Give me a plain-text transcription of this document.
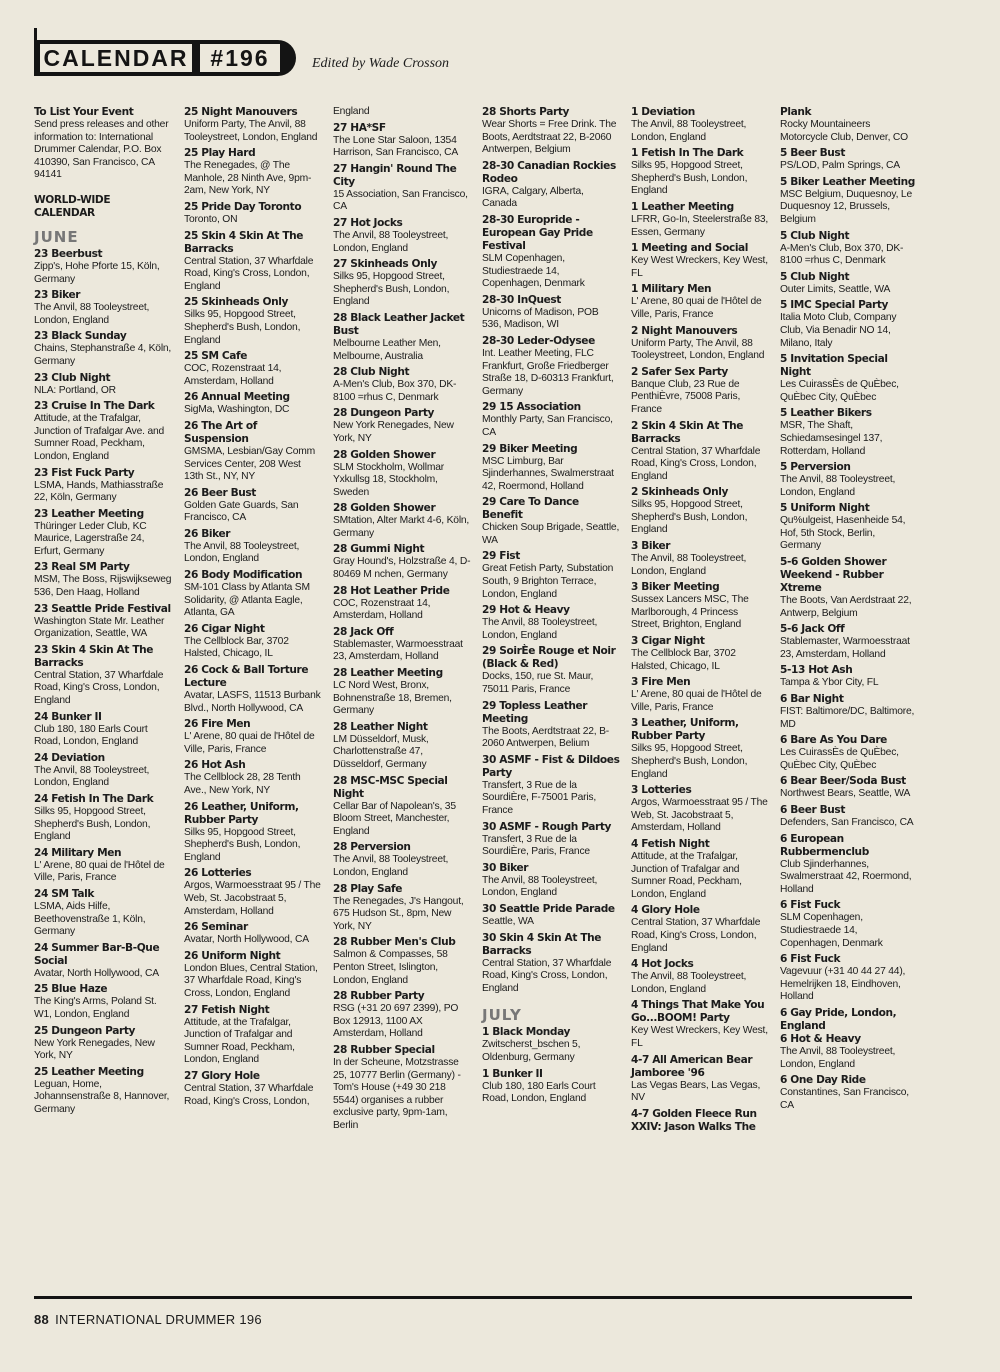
CALENDAR #196	Edited by Wade Crosson
To List Your Event
Send press releases and other information to: International Drummer Calendar, P.O. Box 410390, San Francisco, CA 94141
WORLD-WIDE CALENDAR
JUNE
23 Beerbust
Zipp's, Hohe Pforte 15, Köln, Germany
23 Biker
The Anvil, 88 Tooleystreet, London, England
23 Black Sunday
Chains, Stephanstraße 4, Köln, Germany
23 Club Night
NLA: Portland, OR
23 Cruise In The Dark
Attitude, at the Trafalgar, Junction of Trafalgar Ave. and Sumner Road, Peckham, London, England
23 Fist Fuck Party
LSMA, Hands, Mathiasstraße 22, Köln, Germany
23 Leather Meeting
Thüringer Leder Club, KC Maurice, Lagerstraße 24, Erfurt, Germany
23 Real SM Party
MSM, The Boss, Rijswijkseweg 536, Den Haag, Holland
23 Seattle Pride Festival
Washington State Mr. Leather Organization, Seattle, WA
23 Skin 4 Skin At The Barracks
Central Station, 37 Wharfdale Road, King's Cross, London, England
24 Bunker II
Club 180, 180 Earls Court Road, London, England
24 Deviation
The Anvil, 88 Tooleystreet, London, England
24 Fetish In The Dark
Silks 95, Hopgood Street, Shepherd's Bush, London, England
24 Military Men
L' Arene, 80 quai de l'Hôtel de Ville, Paris, France
24 SM Talk
LSMA, Aids Hilfe, Beethovenstraße 1, Köln, Germany
24 Summer Bar-B-Que Social
Avatar, North Hollywood, CA
25 Blue Haze
The King's Arms, Poland St. W1, London, England
25 Dungeon Party
New York Renegades, New York, NY
25 Leather Meeting
Leguan, Home, Johannsenstraße 8, Hannover, Germany
25 Night Manouvers
Uniform Party, The Anvil, 88 Tooleystreet, London, England
25 Play Hard
The Renegades, @ The Manhole, 28 Ninth Ave, 9pm-2am, New York, NY
25 Pride Day Toronto
Toronto, ON
25 Skin 4 Skin At The Barracks
Central Station, 37 Wharfdale Road, King's Cross, London, England
25 Skinheads Only
Silks 95, Hopgood Street, Shepherd's Bush, London, England
25 SM Cafe
COC, Rozenstraat 14, Amsterdam, Holland
26 Annual Meeting
SigMa, Washington, DC
26 The Art of Suspension
GMSMA, Lesbian/Gay Comm Services Center, 208 West 13th St., NY, NY
26 Beer Bust
Golden Gate Guards, San Francisco, CA
26 Biker
The Anvil, 88 Tooleystreet, London, England
26 Body Modification
SM-101 Class by Atlanta SM Solidarity, @ Atlanta Eagle, Atlanta, GA
26 Cigar Night
The Cellblock Bar, 3702 Halsted, Chicago, IL
26 Cock & Ball Torture Lecture
Avatar, LASFS, 11513 Burbank Blvd., North Hollywood, CA
26 Fire Men
L' Arene, 80 quai de l'Hôtel de Ville, Paris, France
26 Hot Ash
The Cellblock 28, 28 Tenth Ave., New York, NY
26 Leather, Uniform, Rubber Party
Silks 95, Hopgood Street, Shepherd's Bush, London, England
26 Lotteries
Argos, Warmoesstraat 95 / The Web, St. Jacobstraat 5, Amsterdam, Holland
26 Seminar
Avatar, North Hollywood, CA
26 Uniform Night
London Blues, Central Station, 37 Wharfdale Road, King's Cross, London, England
27 Fetish Night
Attitude, at the Trafalgar, Junction of Trafalgar and Sumner Road, Peckham, London, England
27 Glory Hole
Central Station, 37 Wharfdale Road, King's Cross, London,
England
27 HA*SF
The Lone Star Saloon, 1354 Harrison, San Francisco, CA
27 Hangin' Round The City
15 Association, San Francisco, CA
27 Hot Jocks
The Anvil, 88 Tooleystreet, London, England
27 Skinheads Only
Silks 95, Hopgood Street, Shepherd's Bush, London, England
28 Black Leather Jacket Bust
Melbourne Leather Men, Melbourne, Australia
28 Club Night
A-Men's Club, Box 370, DK-8100 =rhus C, Denmark
28 Dungeon Party
New York Renegades, New York, NY
28 Golden Shower
SLM Stockholm, Wollmar Yxkullsg 18, Stockholm, Sweden
28 Golden Shower
SMtation, Alter Markt 4-6, Köln, Germany
28 Gummi Night
Gray Hound's, Holzstraße 4, D-80469 M nchen, Germany
28 Hot Leather Pride
COC, Rozenstraat 14, Amsterdam, Holland
28 Jack Off
Stablemaster, Warmoesstraat 23, Amsterdam, Holland
28 Leather Meeting
LC Nord West, Bronx, Bohnenstraße 18, Bremen, Germany
28 Leather Night
LM Düsseldorf, Musk, Charlottenstraße 47, Düsseldorf, Germany
28 MSC-MSC Special Night
Cellar Bar of Napolean's, 35 Bloom Street, Manchester, England
28 Perversion
The Anvil, 88 Tooleystreet, London, England
28 Play Safe
The Renegades, J's Hangout, 675 Hudson St., 8pm, New York, NY
28 Rubber Men's Club
Salmon & Compasses, 58 Penton Street, Islington, London, England
28 Rubber Party
RSG (+31 20 697 2399), PO Box 12913, 1100 AX Amsterdam, Holland
28 Rubber Special
In der Scheune, Motzstrasse 25, 10777 Berlin (Germany) - Tom's House (+49 30 218 5544) organises a rubber exclusive party, 9pm-1am, Berlin
28 Shorts Party
Wear Shorts = Free Drink. The Boots, Aerdtstraat 22, B-2060 Antwerpen, Belgium
28-30 Canadian Rockies Rodeo
IGRA, Calgary, Alberta, Canada
28-30 Europride - European Gay Pride Festival
SLM Copenhagen, Studiestraede 14, Copenhagen, Denmark
28-30 InQuest
Unicorns of Madison, POB 536, Madison, WI
28-30 Leder-Odysee
Int. Leather Meeting, FLC Frankfurt, Große Friedberger Straße 18, D-60313 Frankfurt, Germany
29 15 Association
Monthly Party, San Francisco, CA
29 Biker Meeting
MSC Limburg, Bar Sjinderhannes, Swalmerstraat 42, Roermond, Holland
29 Care To Dance Benefit
Chicken Soup Brigade, Seattle, WA
29 Fist
Great Fetish Party, Substation South, 9 Brighton Terrace, London, England
29 Hot & Heavy
The Anvil, 88 Tooleystreet, London, England
29 SoirÈe Rouge et Noir (Black & Red)
Docks, 150, rue St. Maur, 75011 Paris, France
29 Topless Leather Meeting
The Boots, Aerdtstraat 22, B-2060 Antwerpen, Belium
30 ASMF - Fist & Dildoes Party
Transfert, 3 Rue de la SourdiÈre, F-75001 Paris, France
30 ASMF - Rough Party
Transfert, 3 Rue de la SourdiÈre, Paris, France
30 Biker
The Anvil, 88 Tooleystreet, London, England
30 Seattle Pride Parade
Seattle, WA
30 Skin 4 Skin At The Barracks
Central Station, 37 Wharfdale Road, King's Cross, London, England
JULY
1 Black Monday
Zwitscherst_bschen 5, Oldenburg, Germany
1 Bunker II
Club 180, 180 Earls Court Road, London, England
1 Deviation
The Anvil, 88 Tooleystreet, London, England
1 Fetish In The Dark
Silks 95, Hopgood Street, Shepherd's Bush, London, England
1 Leather Meeting
LFRR, Go-In, Steelerstraße 83, Essen, Germany
1 Meeting and Social
Key West Wreckers, Key West, FL
1 Military Men
L' Arene, 80 quai de l'Hôtel de Ville, Paris, France
2 Night Manouvers
Uniform Party, The Anvil, 88 Tooleystreet, London, England
2 Safer Sex Party
Banque Club, 23 Rue de PenthiÈvre, 75008 Paris, France
2 Skin 4 Skin At The Barracks
Central Station, 37 Wharfdale Road, King's Cross, London, England
2 Skinheads Only
Silks 95, Hopgood Street, Shepherd's Bush, London, England
3 Biker
The Anvil, 88 Tooleystreet, London, England
3 Biker Meeting
Sussex Lancers MSC, The Marlborough, 4 Princess Street, Brighton, England
3 Cigar Night
The Cellblock Bar, 3702 Halsted, Chicago, IL
3 Fire Men
L' Arene, 80 quai de l'Hôtel de Ville, Paris, France
3 Leather, Uniform, Rubber Party
Silks 95, Hopgood Street, Shepherd's Bush, London, England
3 Lotteries
Argos, Warmoesstraat 95 / The Web, St. Jacobstraat 5, Amsterdam, Holland
4 Fetish Night
Attitude, at the Trafalgar, Junction of Trafalgar and Sumner Road, Peckham, London, England
4 Glory Hole
Central Station, 37 Wharfdale Road, King's Cross, London, England
4 Hot Jocks
The Anvil, 88 Tooleystreet, London, England
4 Things That Make You Go...BOOM! Party
Key West Wreckers, Key West, FL
4-7 All American Bear Jamboree '96
Las Vegas Bears, Las Vegas, NV
4-7 Golden Fleece Run XXIV: Jason Walks The
Plank
Rocky Mountaineers Motorcycle Club, Denver, CO
5 Beer Bust
PS/LOD, Palm Springs, CA
5 Biker Leather Meeting
MSC Belgium, Duquesnoy, Le Duquesnoy 12, Brussels, Belgium
5 Club Night
A-Men's Club, Box 370, DK-8100 =rhus C, Denmark
5 Club Night
Outer Limits, Seattle, WA
5 IMC Special Party
Italia Moto Club, Company Club, Via Benadir NO 14, Milano, Italy
5 Invitation Special Night
Les CuirassÈs de QuÈbec, QuÈbec City, QuÈbec
5 Leather Bikers
MSR, The Shaft, Schiedamsesingel 137, Rotterdam, Holland
5 Perversion
The Anvil, 88 Tooleystreet, London, England
5 Uniform Night
Qu%ulgeist, Hasenheide 54, Hof, 5th Stock, Berlin, Germany
5-6 Golden Shower Weekend - Rubber Xtreme
The Boots, Van Aerdstraat 22, Antwerp, Belgium
5-6 Jack Off
Stablemaster, Warmoesstraat 23, Amsterdam, Holland
5-13 Hot Ash
Tampa & Ybor City, FL
6 Bar Night
FIST: Baltimore/DC, Baltimore, MD
6 Bare As You Dare
Les CuirassÈs de QuÈbec, QuÈbec City, QuÈbec
6 Bear Beer/Soda Bust
Northwest Bears, Seattle, WA
6 Beer Bust
Defenders, San Francisco, CA
6 European Rubbermenclub
Club Sjinderhannes, Swalmerstraat 42, Roermond, Holland
6 Fist Fuck
SLM Copenhagen, Studiestraede 14, Copenhagen, Denmark
6 Fist Fuck
Vagevuur (+31 40 44 27 44), Hemelrijken 18, Eindhoven, Holland
6 Gay Pride, London, England
6 Hot & Heavy
The Anvil, 88 Tooleystreet, London, England
6 One Day Ride
Constantines, San Francisco, CA
88 INTERNATIONAL DRUMMER 196
